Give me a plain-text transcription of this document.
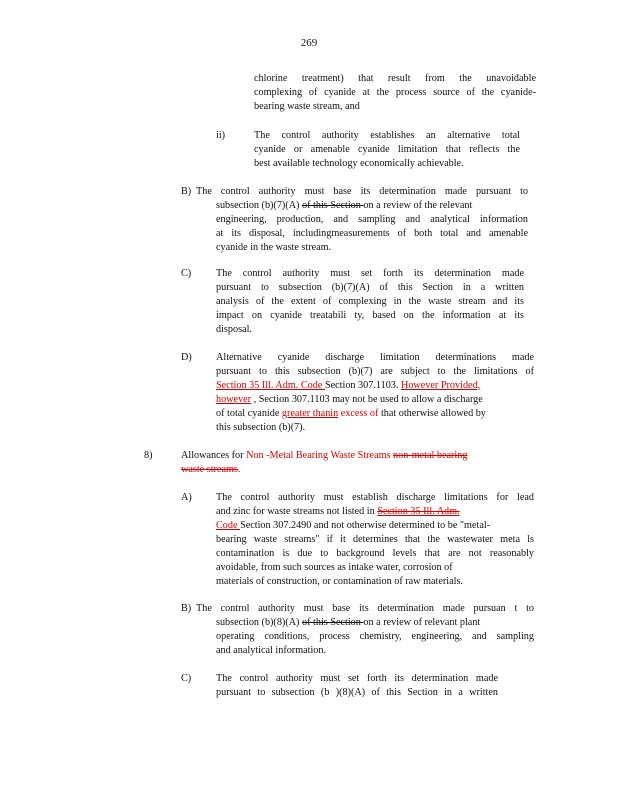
269
chlorine treatment) that result from the unavoidable
complexing of cyanide at the process source of the cyanide-
bearing waste stream, and
ii)	The control authority establishes an alternative total
cyanide or amenable cyanide limitation that reflects the
best available technology economically achievable.
B) The control authority must base its determination made pursuant to
subsection (b)(7)(A) of this Section on a review of the relevant
engineering, production, and sampling and analytical information
at its disposal, includingmeasurements of both total and amenable
cyanide in the waste stream.
C) The control authority must set forth its determination made
pursuant to subsection (b)(7)(A) of this Section in a written
analysis of the extent of complexing in the waste stream and its
impact on cyanide treatabili ty, based on the information at its
disposal.
D) Alternative cyanide discharge limitation determinations made
pursuant to this subsection (b)(7) are subject to the limitations of
Section 35 Ill. Adm. Code Section 307.1103. However Provided,
however , Section 307.1103 may not be used to allow a discharge
of total cyanide greater thanin excess of that otherwise allowed by
this subsection (b)(7).
8)	Allowances for Non -Metal Bearing Waste Streams non-metal bearing
waste streams.
A) The control authority must establish discharge limitations for lead
and zinc for waste streams not listed in Section 35 Ill. Adm.
Code Section 307.2490 and not otherwise determined to be "metal-
bearing waste streams" if it determines that the wastewater meta ls
contamination is due to background levels that are not reasonably
avoidable, from such sources as intake water, corrosion of
materials of construction, or contamination of raw materials.
B) The control authority must base its determination made pursuan t to
subsection (b)(8)(A) of this Section on a review of relevant plant
operating conditions, process chemistry, engineering, and sampling
and analytical information.
C) The control authority must set forth its determination made
pursuant to subsection (b )(8)(A) of this Section in a written
